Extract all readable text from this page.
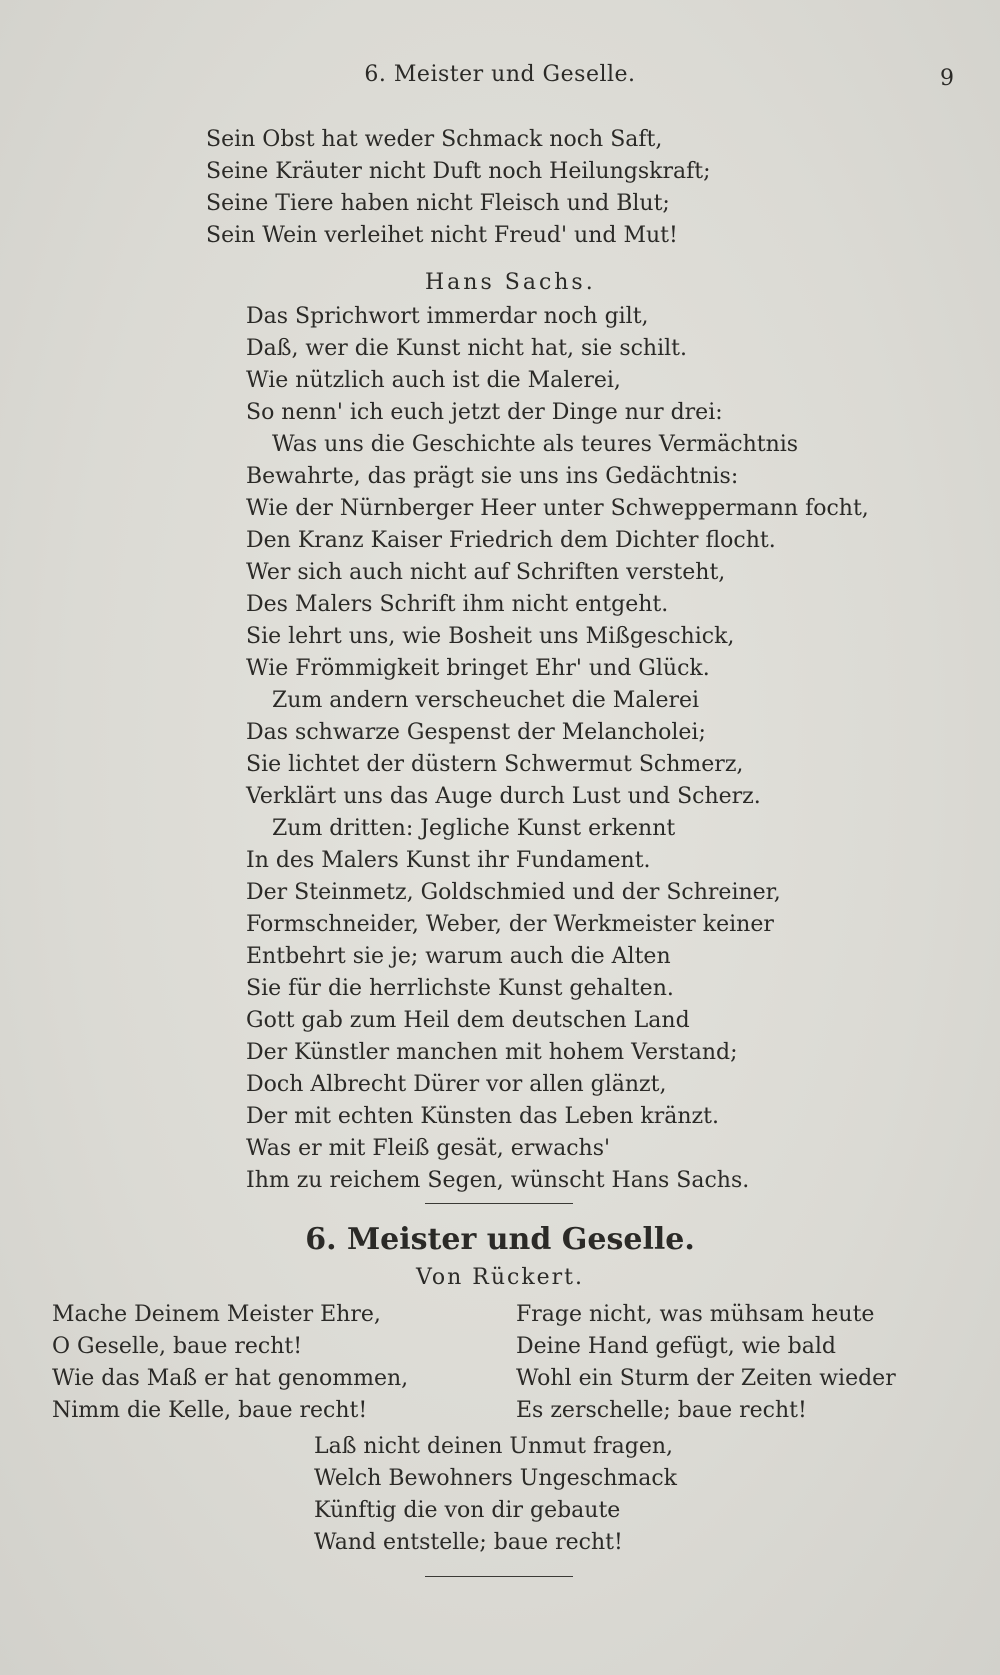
6. Meister und Geselle.	9
Sein Obst hat weder Schmack noch Saft,
Seine Kräuter nicht Duft noch Heilungskraft;
Seine Tiere haben nicht Fleisch und Blut;
Sein Wein verleihet nicht Freud' und Mut!
Hans Sachs.
Das Sprichwort immerdar noch gilt,
Daß, wer die Kunst nicht hat, sie schilt.
Wie nützlich auch ist die Malerei,
So nenn' ich euch jetzt der Dinge nur drei:
Was uns die Geschichte als teures Vermächtnis
Bewahrte, das prägt sie uns ins Gedächtnis:
Wie der Nürnberger Heer unter Schweppermann focht,
Den Kranz Kaiser Friedrich dem Dichter flocht.
Wer sich auch nicht auf Schriften versteht,
Des Malers Schrift ihm nicht entgeht.
Sie lehrt uns, wie Bosheit uns Mißgeschick,
Wie Frömmigkeit bringet Ehr' und Glück.
Zum andern verscheuchet die Malerei
Das schwarze Gespenst der Melancholei;
Sie lichtet der düstern Schwermut Schmerz,
Verklärt uns das Auge durch Lust und Scherz.
Zum dritten: Jegliche Kunst erkennt
In des Malers Kunst ihr Fundament.
Der Steinmetz, Goldschmied und der Schreiner,
Formschneider, Weber, der Werkmeister keiner
Entbehrt sie je; warum auch die Alten
Sie für die herrlichste Kunst gehalten.
Gott gab zum Heil dem deutschen Land
Der Künstler manchen mit hohem Verstand;
Doch Albrecht Dürer vor allen glänzt,
Der mit echten Künsten das Leben kränzt.
Was er mit Fleiß gesät, erwachs'
Ihm zu reichem Segen, wünscht Hans Sachs.
6. Meister und Geselle.
Von Rückert.
Mache Deinem Meister Ehre,
O Geselle, baue recht!
Wie das Maß er hat genommen,
Nimm die Kelle, baue recht!
Frage nicht, was mühsam heute
Deine Hand gefügt, wie bald
Wohl ein Sturm der Zeiten wieder
Es zerschelle; baue recht!
Laß nicht deinen Unmut fragen,
Welch Bewohners Ungeschmack
Künftig die von dir gebaute
Wand entstelle; baue recht!
